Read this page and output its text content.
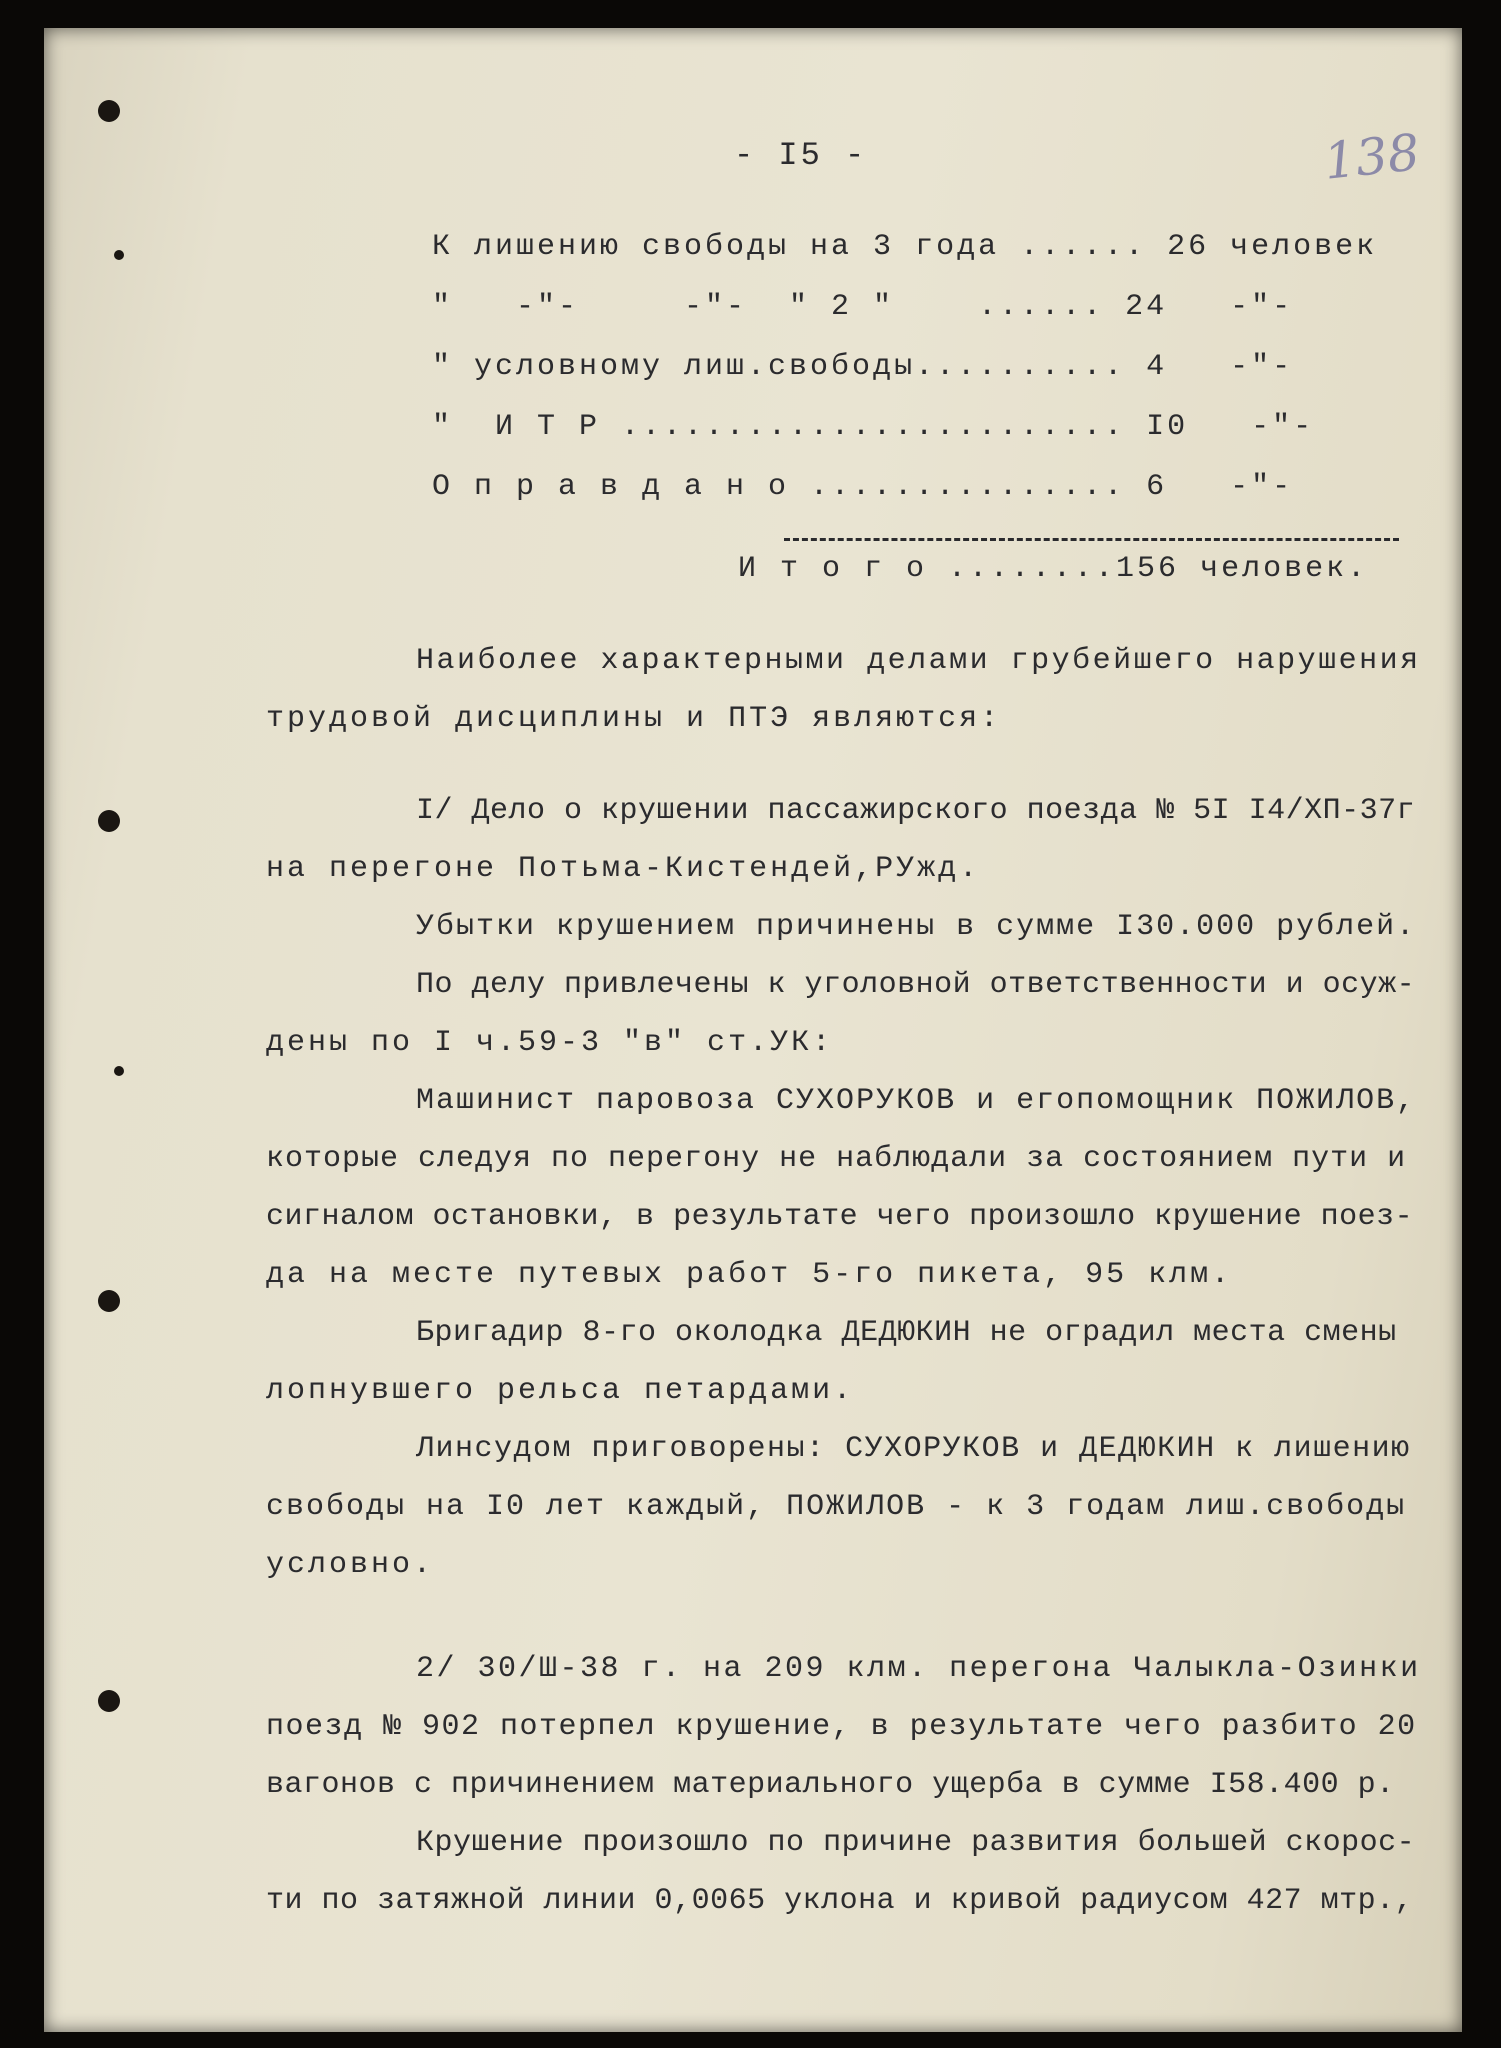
- I5 -	138
К лишению свободы на 3 года ...... 26 человек
"   -"-     -"-  " 2 "    ...... 24   -"-
" условному лиш.свободы.......... 4   -"-
"  И Т Р ........................ I0   -"-
О п р а в д а н о ............... 6   -"-
И т о г о ........156 человек.
Наиболее характерными делами грубейшего нарушения
трудовой дисциплины и ПТЭ являются:
I/ Дело о крушении пассажирского поезда № 5I I4/XП-37г
на перегоне Потьма-Кистендей,РУжд.
Убытки крушением причинены в сумме I30.000 рублей.
По делу привлечены к уголовной ответственности и осуж-
дены по I ч.59-3 "в" ст.УК:
Машинист паровоза СУХОРУКОВ и егопомощник ПОЖИЛОВ,
которые следуя по перегону не наблюдали за состоянием пути и
сигналом остановки, в результате чего произошло крушение поез-
да на месте путевых работ 5-го пикета, 95 клм.
Бригадир 8-го околодка ДЕДЮКИН не оградил места смены
лопнувшего рельса петардами.
Линсудом приговорены: СУХОРУКОВ и ДЕДЮКИН к лишению
свободы на I0 лет каждый, ПОЖИЛОВ - к 3 годам лиш.свободы
условно.
2/ 30/Ш-38 г. на 209 клм. перегона Чалыкла-Озинки
поезд № 902 потерпел крушение, в результате чего разбито 20
вагонов с причинением материального ущерба в сумме I58.400 р.
Крушение произошло по причине развития большей скорос-
ти по затяжной линии 0,0065 уклона и кривой радиусом 427 мтр.,
